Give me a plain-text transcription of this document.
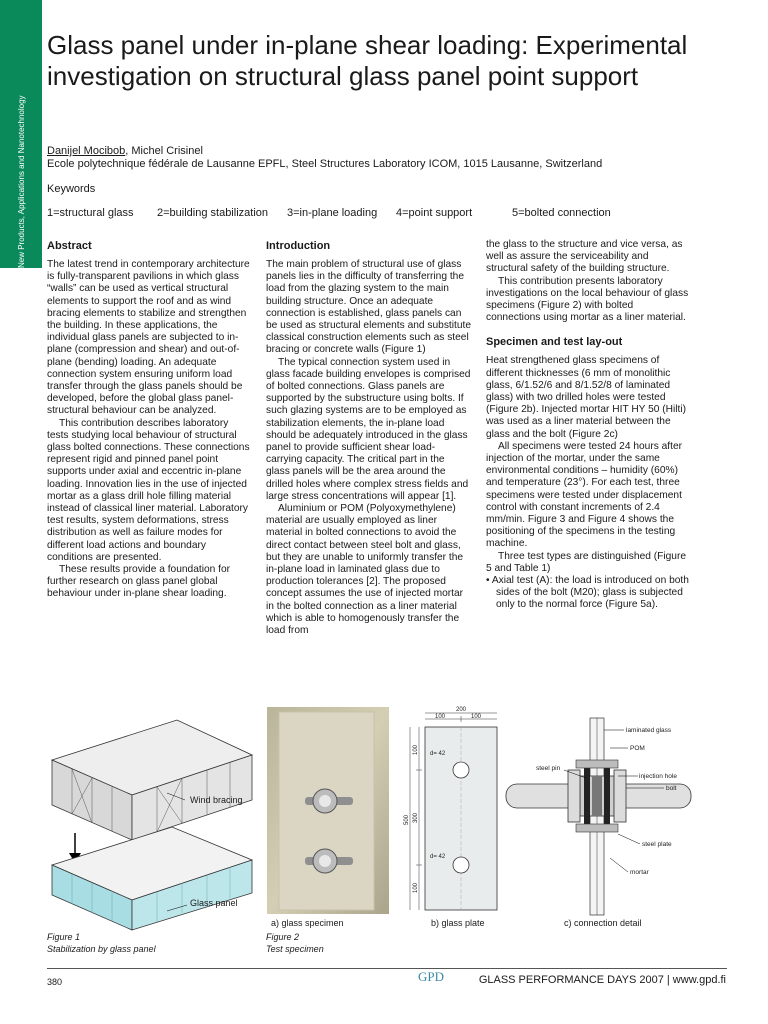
New Products, Applications and Nanotechnology
Glass panel under in-plane shear loading: Experimental investigation on structural glass panel point support
Danijel Mocibob, Michel Crisinel
Ecole polytechnique fédérale de Lausanne EPFL, Steel Structures Laboratory ICOM, 1015 Lausanne, Switzerland
Keywords
1=structural glass 2=building stabilization 3=in-plane loading 4=point support	5=bolted connection
Abstract

The latest trend in contemporary architecture is fully-transparent pavilions in which glass “walls” can be used as vertical structural elements to support the roof and as wind bracing elements to stabilize and strengthen the building. In these applications, the individual glass panels are subjected to in-plane (compression and shear) and out-of-plane (bending) loading. An adequate connection system ensuring uniform load transfer through the glass panels should be developed, before the global glass panel-structural behaviour can be analyzed.

This contribution describes laboratory tests studying local behaviour of structural glass bolted connections. These connections represent rigid and pinned panel point supports under axial and eccentric in-plane loading. Innovation lies in the use of injected mortar as a glass drill hole filling material instead of classical liner material. Laboratory test results, system deformations, stress distribution as well as failure modes for different load actions and boundary conditions are presented.

These results provide a foundation for further research on glass panel global behaviour under in-plane shear loading.

Introduction

The main problem of structural use of glass panels lies in the difficulty of transferring the load from the glazing system to the main building structure. Once an adequate connection is established, glass panels can be used as structural elements and substitute classical construction elements such as steel bracing or concrete walls (Figure 1)

The typical connection system used in glass facade building envelopes is comprised of bolted connections. Glass panels are supported by the substructure using bolts. If such glazing systems are to be employed as stabilization elements, the in-plane load should be adequately introduced in the glass panel to provide sufficient shear load-carrying capacity. The critical part in the glass panels will be the area around the drilled holes where complex stress fields and large stress concentrations will appear [1].

Aluminium or POM (Polyoxymethylene) material are usually employed as liner material in bolted connections to avoid the direct contact between steel bolt and glass, but they are unable to uniformly transfer the in-plane load in laminated glass due to production tolerances [2]. The proposed concept assumes the use of injected mortar in the bolted connection as a liner material which is able to homogenously transfer the load from

the glass to the structure and vice versa, as well as assure the serviceability and structural safety of the building structure.

This contribution presents laboratory investigations on the local behaviour of glass specimens (Figure 2) with bolted connections using mortar as a liner material.

Specimen and test lay-out

Heat strengthened glass specimens of different thicknesses (6 mm of monolithic glass, 6/1.52/6 and 8/1.52/8 of laminated glass) with two drilled holes were tested (Figure 2b). Injected mortar HIT HY 50 (Hilti) was used as a liner material between the glass and the bolt (Figure 2c)

All specimens were tested 24 hours after injection of the mortar, under the same environmental conditions – humidity (60%) and temperature (23°). For each test, three specimens were tested under displacement control with constant increments of 2.4 mm/min. Figure 3 and Figure 4 shows the positioning of the specimens in the testing machine.

Three test types are distinguished (Figure 5 and Table 1)

• Axial test (A): the load is introduced on both sides of the bolt (M20); glass is subjected only to the normal force (Figure 5a).
Wind bracing
Glass panel
Figure 1
Stabilization by glass panel
a) glass specimen
Figure 2
Test specimen
200
100	100
d= 42
d= 42
500 300
100
100
b) glass plate
laminated glass
POM
steel pin
injection hole
bolt
steel plate
mortar
c) connection detail
380	GPD	GLASS PERFORMANCE DAYS 2007 | www.gpd.fi
